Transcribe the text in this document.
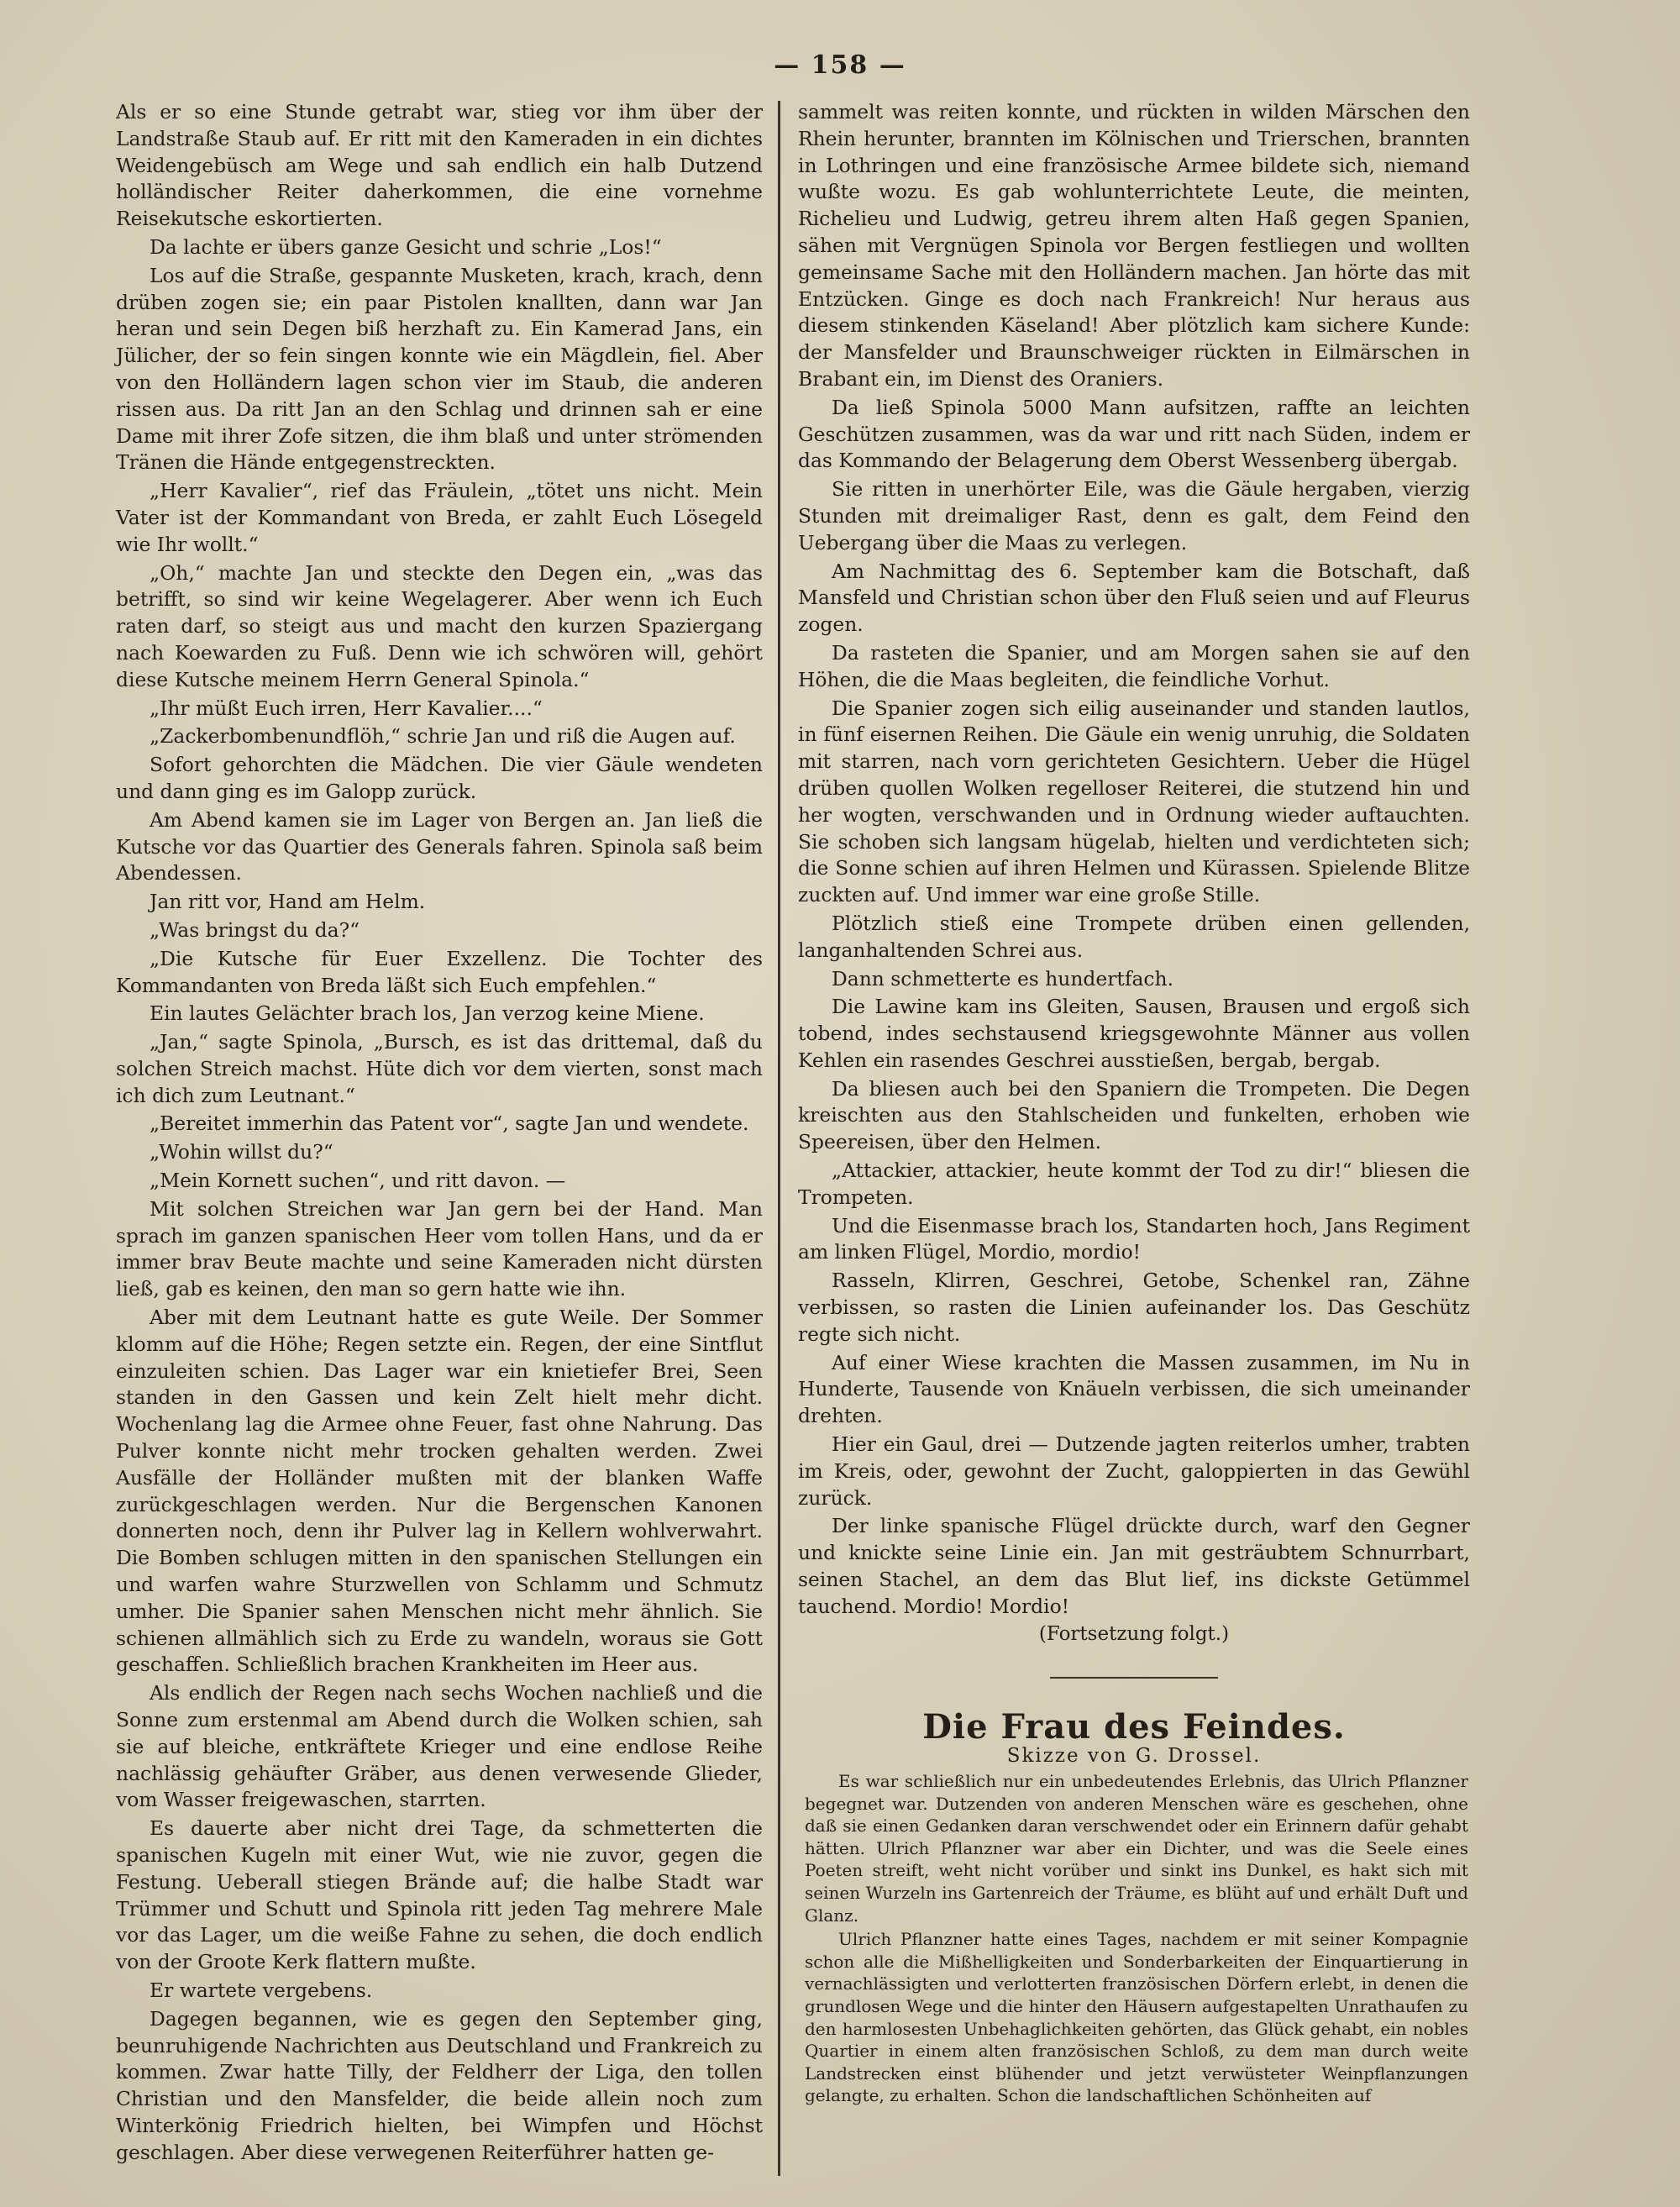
— 158 —

Als er so eine Stunde getrabt war, stieg vor ihm über der Landstraße Staub auf. Er ritt mit den Kameraden in ein dichtes Weidengebüsch am Wege und sah endlich ein halb Dutzend holländischer Reiter daherkommen, die eine vornehme Reisekutsche eskortierten.

Da lachte er übers ganze Gesicht und schrie „Los!“

Los auf die Straße, gespannte Musketen, krach, krach, denn drüben zogen sie; ein paar Pistolen knallten, dann war Jan heran und sein Degen biß herzhaft zu. Ein Kamerad Jans, ein Jülicher, der so fein singen konnte wie ein Mägdlein, fiel. Aber von den Holländern lagen schon vier im Staub, die anderen rissen aus. Da ritt Jan an den Schlag und drinnen sah er eine Dame mit ihrer Zofe sitzen, die ihm blaß und unter strömenden Tränen die Hände entgegenstreckten.

„Herr Kavalier“, rief das Fräulein, „tötet uns nicht. Mein Vater ist der Kommandant von Breda, er zahlt Euch Lösegeld wie Ihr wollt.“

„Oh,“ machte Jan und steckte den Degen ein, „was das betrifft, so sind wir keine Wegelagerer. Aber wenn ich Euch raten darf, so steigt aus und macht den kurzen Spaziergang nach Koewarden zu Fuß. Denn wie ich schwören will, gehört diese Kutsche meinem Herrn General Spinola.“

„Ihr müßt Euch irren, Herr Kavalier....“

„Zackerbombenundflöh,“ schrie Jan und riß die Augen auf.

Sofort gehorchten die Mädchen. Die vier Gäule wendeten und dann ging es im Galopp zurück.

Am Abend kamen sie im Lager von Bergen an. Jan ließ die Kutsche vor das Quartier des Generals fahren. Spinola saß beim Abendessen.

Jan ritt vor, Hand am Helm.

„Was bringst du da?“

„Die Kutsche für Euer Exzellenz. Die Tochter des Kommandanten von Breda läßt sich Euch empfehlen.“

Ein lautes Gelächter brach los, Jan verzog keine Miene.

„Jan,“ sagte Spinola, „Bursch, es ist das drittemal, daß du solchen Streich machst. Hüte dich vor dem vierten, sonst mach ich dich zum Leutnant.“

„Bereitet immerhin das Patent vor“, sagte Jan und wendete.

„Wohin willst du?“

„Mein Kornett suchen“, und ritt davon. —

Mit solchen Streichen war Jan gern bei der Hand. Man sprach im ganzen spanischen Heer vom tollen Hans, und da er immer brav Beute machte und seine Kameraden nicht dürsten ließ, gab es keinen, den man so gern hatte wie ihn.

Aber mit dem Leutnant hatte es gute Weile. Der Sommer klomm auf die Höhe; Regen setzte ein. Regen, der eine Sintflut einzuleiten schien. Das Lager war ein knietiefer Brei, Seen standen in den Gassen und kein Zelt hielt mehr dicht. Wochenlang lag die Armee ohne Feuer, fast ohne Nahrung. Das Pulver konnte nicht mehr trocken gehalten werden. Zwei Ausfälle der Holländer mußten mit der blanken Waffe zurückgeschlagen werden. Nur die Bergenschen Kanonen donnerten noch, denn ihr Pulver lag in Kellern wohlverwahrt. Die Bomben schlugen mitten in den spanischen Stellungen ein und warfen wahre Sturzwellen von Schlamm und Schmutz umher. Die Spanier sahen Menschen nicht mehr ähnlich. Sie schienen allmählich sich zu Erde zu wandeln, woraus sie Gott geschaffen. Schließlich brachen Krankheiten im Heer aus.

Als endlich der Regen nach sechs Wochen nachließ und die Sonne zum erstenmal am Abend durch die Wolken schien, sah sie auf bleiche, entkräftete Krieger und eine endlose Reihe nachlässig gehäufter Gräber, aus denen verwesende Glieder, vom Wasser freigewaschen, starrten.

Es dauerte aber nicht drei Tage, da schmetterten die spanischen Kugeln mit einer Wut, wie nie zuvor, gegen die Festung. Ueberall stiegen Brände auf; die halbe Stadt war Trümmer und Schutt und Spinola ritt jeden Tag mehrere Male vor das Lager, um die weiße Fahne zu sehen, die doch endlich von der Groote Kerk flattern mußte.

Er wartete vergebens.

Dagegen begannen, wie es gegen den September ging, beunruhigende Nachrichten aus Deutschland und Frankreich zu kommen. Zwar hatte Tilly, der Feldherr der Liga, den tollen Christian und den Mansfelder, die beide allein noch zum Winterkönig Friedrich hielten, bei Wimpfen und Höchst geschlagen. Aber diese verwegenen Reiterführer hatten ge-

sammelt was reiten konnte, und rückten in wilden Märschen den Rhein herunter, brannten im Kölnischen und Trierschen, brannten in Lothringen und eine französische Armee bildete sich, niemand wußte wozu. Es gab wohlunterrichtete Leute, die meinten, Richelieu und Ludwig, getreu ihrem alten Haß gegen Spanien, sähen mit Vergnügen Spinola vor Bergen festliegen und wollten gemeinsame Sache mit den Holländern machen. Jan hörte das mit Entzücken. Ginge es doch nach Frankreich! Nur heraus aus diesem stinkenden Käseland! Aber plötzlich kam sichere Kunde: der Mansfelder und Braunschweiger rückten in Eilmärschen in Brabant ein, im Dienst des Oraniers.

Da ließ Spinola 5000 Mann aufsitzen, raffte an leichten Geschützen zusammen, was da war und ritt nach Süden, indem er das Kommando der Belagerung dem Oberst Wessenberg übergab.

Sie ritten in unerhörter Eile, was die Gäule hergaben, vierzig Stunden mit dreimaliger Rast, denn es galt, dem Feind den Uebergang über die Maas zu verlegen.

Am Nachmittag des 6. September kam die Botschaft, daß Mansfeld und Christian schon über den Fluß seien und auf Fleurus zogen.

Da rasteten die Spanier, und am Morgen sahen sie auf den Höhen, die die Maas begleiten, die feindliche Vorhut.

Die Spanier zogen sich eilig auseinander und standen lautlos, in fünf eisernen Reihen. Die Gäule ein wenig unruhig, die Soldaten mit starren, nach vorn gerichteten Gesichtern. Ueber die Hügel drüben quollen Wolken regelloser Reiterei, die stutzend hin und her wogten, verschwanden und in Ordnung wieder auftauchten. Sie schoben sich langsam hügelab, hielten und verdichteten sich; die Sonne schien auf ihren Helmen und Kürassen. Spielende Blitze zuckten auf. Und immer war eine große Stille.

Plötzlich stieß eine Trompete drüben einen gellenden, langanhaltenden Schrei aus.

Dann schmetterte es hundertfach.

Die Lawine kam ins Gleiten, Sausen, Brausen und ergoß sich tobend, indes sechstausend kriegsgewohnte Männer aus vollen Kehlen ein rasendes Geschrei ausstießen, bergab, bergab.

Da bliesen auch bei den Spaniern die Trompeten. Die Degen kreischten aus den Stahlscheiden und funkelten, erhoben wie Speereisen, über den Helmen.

„Attackier, attackier, heute kommt der Tod zu dir!“ bliesen die Trompeten.

Und die Eisenmasse brach los, Standarten hoch, Jans Regiment am linken Flügel, Mordio, mordio!

Rasseln, Klirren, Geschrei, Getobe, Schenkel ran, Zähne verbissen, so rasten die Linien aufeinander los. Das Geschütz regte sich nicht.

Auf einer Wiese krachten die Massen zusammen, im Nu in Hunderte, Tausende von Knäueln verbissen, die sich umeinander drehten.

Hier ein Gaul, drei — Dutzende jagten reiterlos umher, trabten im Kreis, oder, gewohnt der Zucht, galoppierten in das Gewühl zurück.

Der linke spanische Flügel drückte durch, warf den Gegner und knickte seine Linie ein. Jan mit gesträubtem Schnurrbart, seinen Stachel, an dem das Blut lief, ins dickste Getümmel tauchend. Mordio! Mordio!

(Fortsetzung folgt.)
Die Frau des Feindes.
Skizze von G. Drossel.

Es war schließlich nur ein unbedeutendes Erlebnis, das Ulrich Pflanzner begegnet war. Dutzenden von anderen Menschen wäre es geschehen, ohne daß sie einen Gedanken daran verschwendet oder ein Erinnern dafür gehabt hätten. Ulrich Pflanzner war aber ein Dichter, und was die Seele eines Poeten streift, weht nicht vorüber und sinkt ins Dunkel, es hakt sich mit seinen Wurzeln ins Gartenreich der Träume, es blüht auf und erhält Duft und Glanz.

Ulrich Pflanzner hatte eines Tages, nachdem er mit seiner Kompagnie schon alle die Mißhelligkeiten und Sonderbarkeiten der Einquartierung in vernachlässigten und verlotterten französischen Dörfern erlebt, in denen die grundlosen Wege und die hinter den Häusern aufgestapelten Unrathaufen zu den harmlosesten Unbehaglichkeiten gehörten, das Glück gehabt, ein nobles Quartier in einem alten französischen Schloß, zu dem man durch weite Landstrecken einst blühender und jetzt verwüsteter Weinpflanzungen gelangte, zu erhalten. Schon die landschaftlichen Schönheiten auf
